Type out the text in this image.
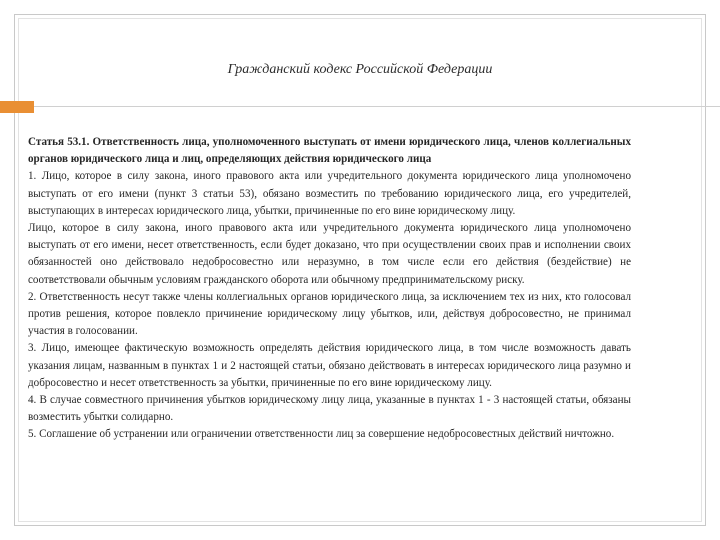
Гражданский кодекс Российской Федерации

Статья 53.1. Ответственность лица, уполномоченного выступать от имени юридического лица, членов коллегиальных органов юридического лица и лиц, определяющих действия юридического лица

1. Лицо, которое в силу закона, иного правового акта или учредительного документа юридического лица уполномочено выступать от его имени (пункт 3 статьи 53), обязано возместить по требованию юридического лица, его учредителей, выступающих в интересах юридического лица, убытки, причиненные по его вине юридическому лицу.

Лицо, которое в силу закона, иного правового акта или учредительного документа юридического лица уполномочено выступать от его имени, несет ответственность, если будет доказано, что при осуществлении своих прав и исполнении своих обязанностей оно действовало недобросовестно или неразумно, в том числе если его действия (бездействие) не соответствовали обычным условиям гражданского оборота или обычному предпринимательскому риску.

2. Ответственность несут также члены коллегиальных органов юридического лица, за исключением тех из них, кто голосовал против решения, которое повлекло причинение юридическому лицу убытков, или, действуя добросовестно, не принимал участия в голосовании.

3. Лицо, имеющее фактическую возможность определять действия юридического лица, в том числе возможность давать указания лицам, названным в пунктах 1 и 2 настоящей статьи, обязано действовать в интересах юридического лица разумно и добросовестно и несет ответственность за убытки, причиненные по его вине юридическому лицу.

4. В случае совместного причинения убытков юридическому лицу лица, указанные в пунктах 1 - 3 настоящей статьи, обязаны возместить убытки солидарно.

5. Соглашение об устранении или ограничении ответственности лиц за совершение недобросовестных действий ничтожно.
